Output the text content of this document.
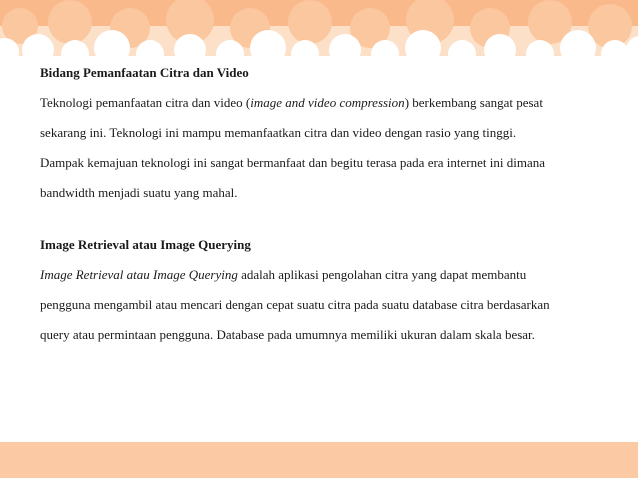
Bidang Pemanfaatan Citra dan Video

Teknologi pemanfaatan citra dan video (image and video compression) berkembang sangat pesat

sekarang ini. Teknologi ini mampu memanfaatkan citra dan video dengan rasio yang tinggi.

Dampak kemajuan teknologi ini sangat bermanfaat dan begitu terasa pada era internet ini dimana

bandwidth menjadi suatu yang mahal.

Image Retrieval atau Image Querying

Image Retrieval atau Image Querying adalah aplikasi pengolahan citra yang dapat membantu

pengguna mengambil atau mencari dengan cepat suatu citra pada suatu database citra berdasarkan

query atau permintaan pengguna. Database pada umumnya memiliki ukuran dalam skala besar.
